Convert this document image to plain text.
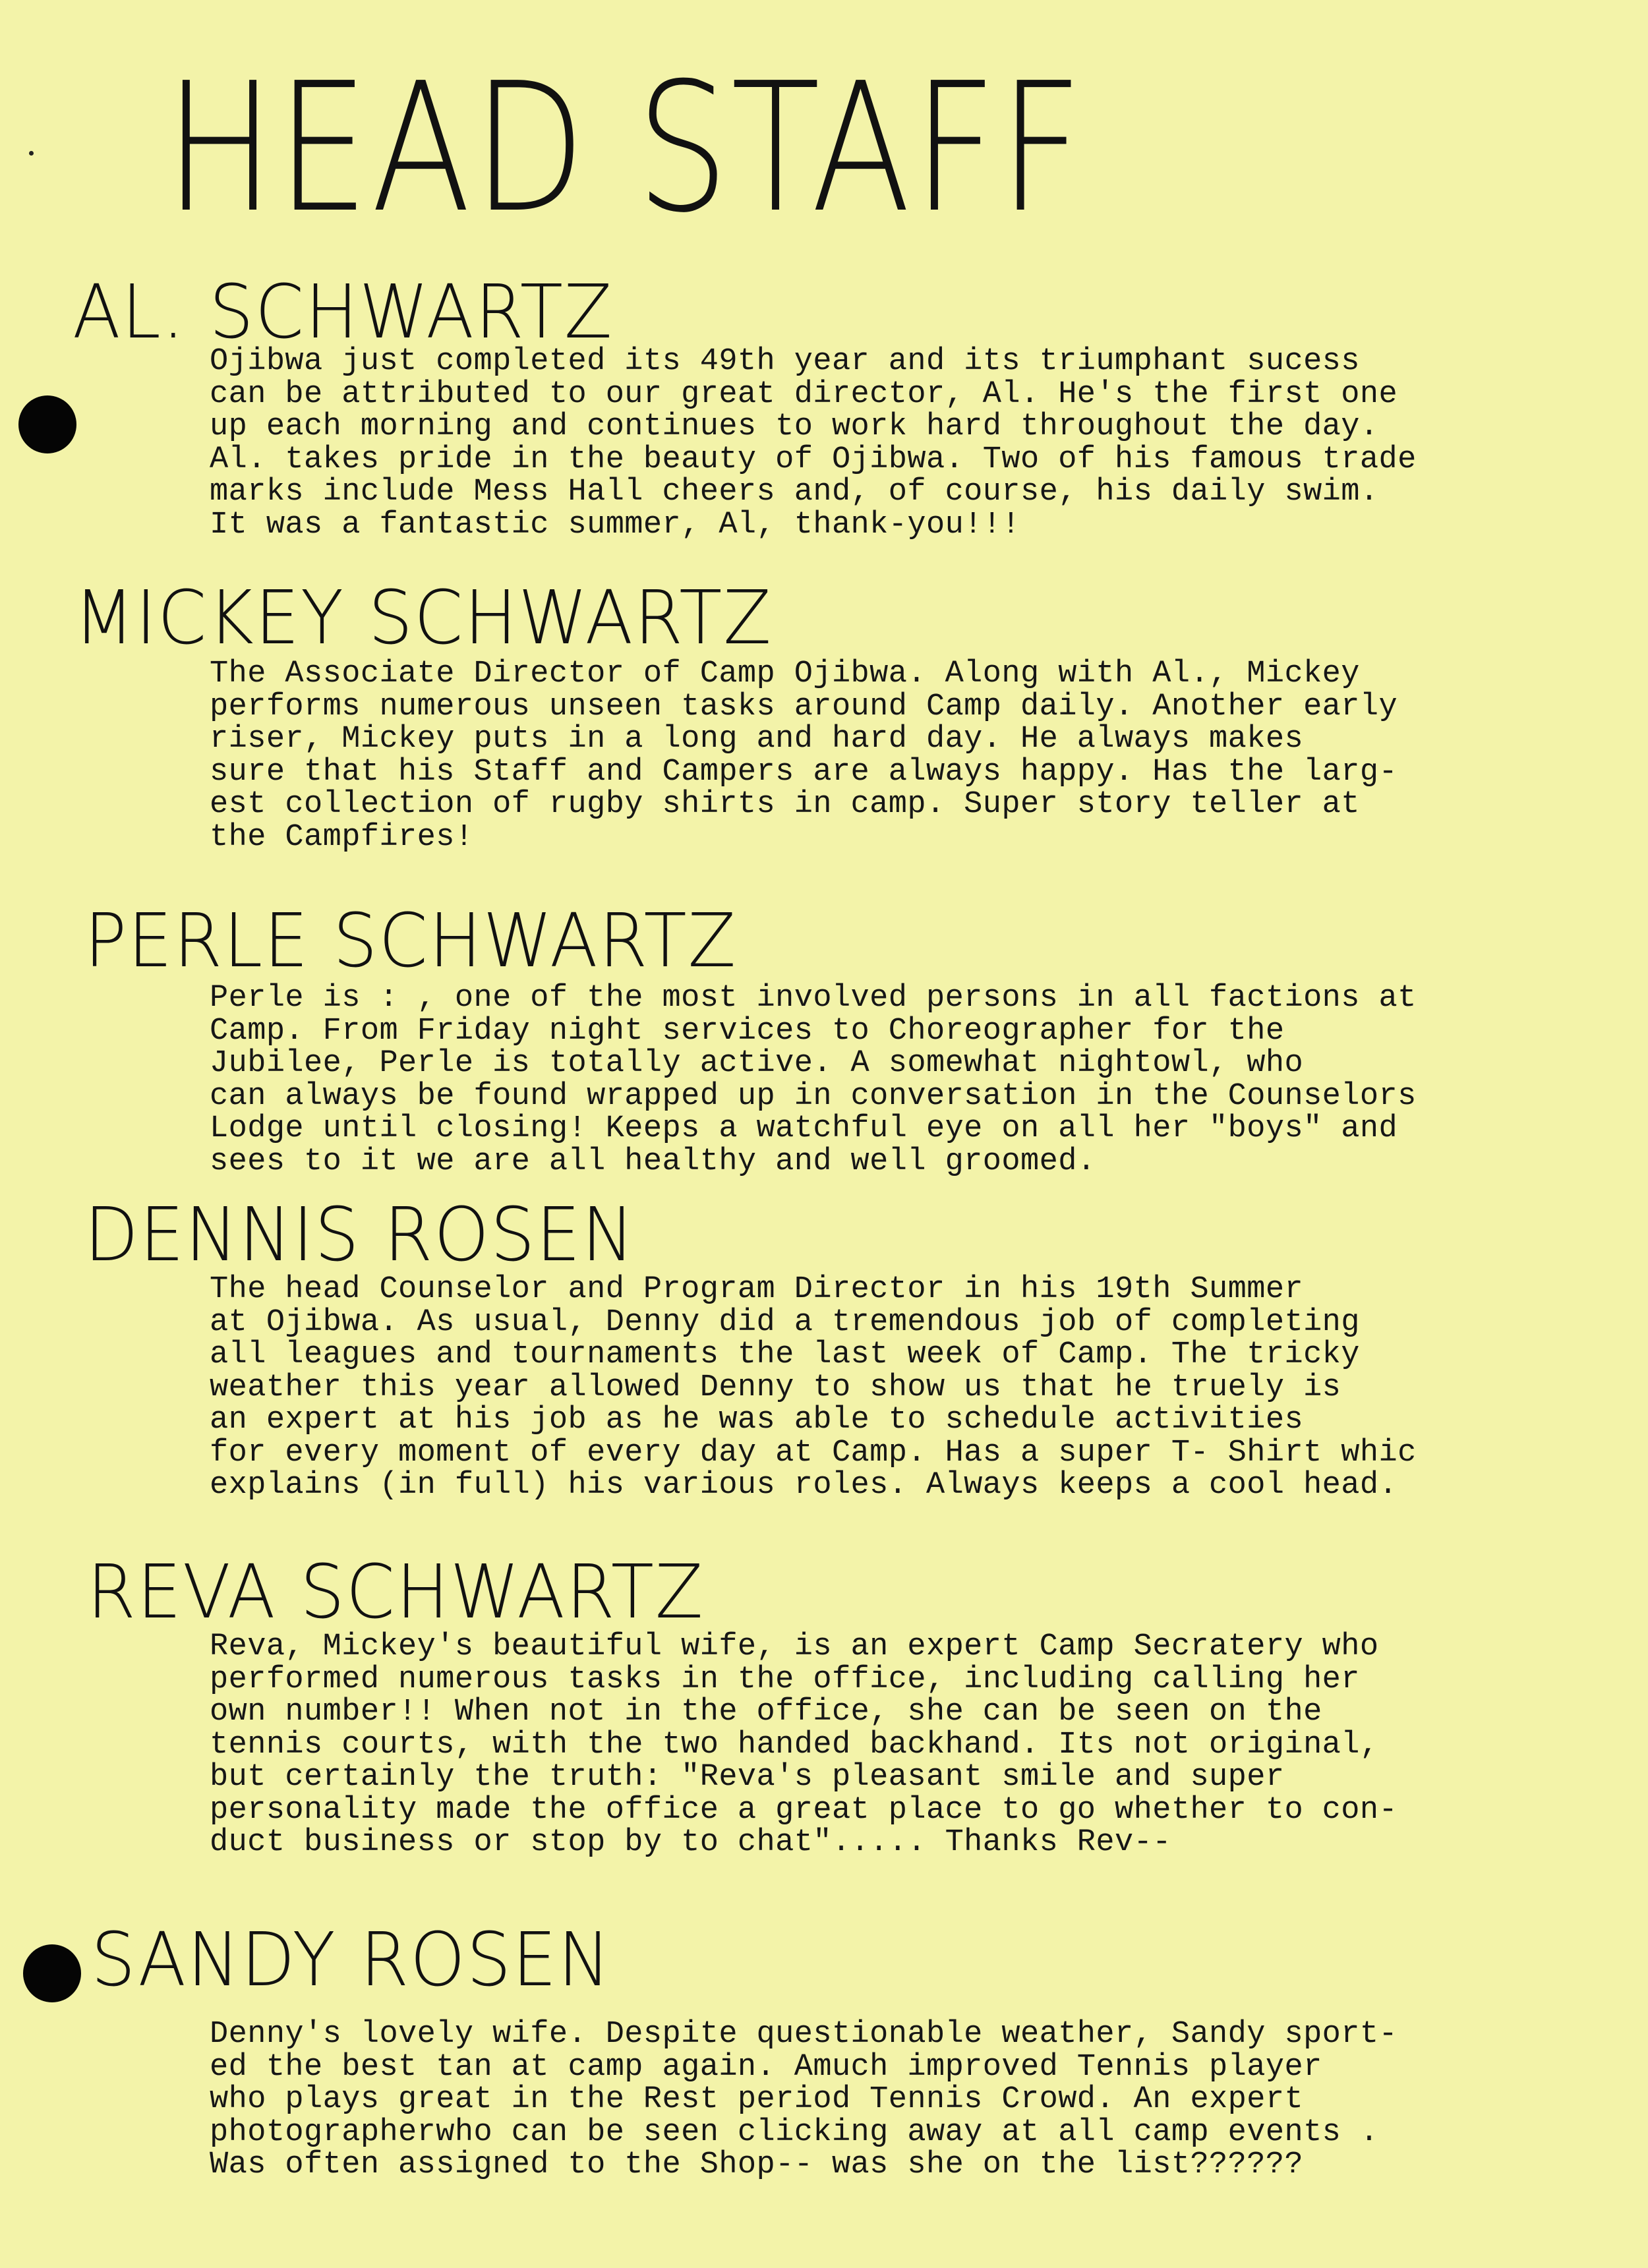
HEAD STAFF
AL. SCHWARTZ
Ojibwa just completed its 49th year and its triumphant sucess
can be attributed to our great director, Al. He's the first one
up each morning and continues to work hard throughout the day.
Al. takes pride in the beauty of Ojibwa. Two of his famous trade
marks include Mess Hall cheers and, of course, his daily swim.
It was a fantastic summer, Al, thank-you!!!
MICKEY SCHWARTZ
The Associate Director of Camp Ojibwa. Along with Al., Mickey
performs numerous unseen tasks around Camp daily. Another early
riser, Mickey puts in a long and hard day. He always makes
sure that his Staff and Campers are always happy. Has the larg-
est collection of rugby shirts in camp. Super story teller at
the Campfires!
PERLE SCHWARTZ
Perle is : , one of the most involved persons in all factions at
Camp. From Friday night services to Choreographer for the
Jubilee, Perle is totally active. A somewhat nightowl, who
can always be found wrapped up in conversation in the Counselors
Lodge until closing! Keeps a watchful eye on all her "boys" and
sees to it we are all healthy and well groomed.
DENNIS ROSEN
The head Counselor and Program Director in his 19th Summer
at Ojibwa. As usual, Denny did a tremendous job of completing
all leagues and tournaments the last week of Camp. The tricky
weather this year allowed Denny to show us that he truely is
an expert at his job as he was able to schedule activities
for every moment of every day at Camp. Has a super T- Shirt whic
explains (in full) his various roles. Always keeps a cool head.
REVA SCHWARTZ
Reva, Mickey's beautiful wife, is an expert Camp Secratery who
performed numerous tasks in the office, including calling her
own number!! When not in the office, she can be seen on the
tennis courts, with the two handed backhand. Its not original,
but certainly the truth: "Reva's pleasant smile and super
personality made the office a great place to go whether to con-
duct business or stop by to chat"..... Thanks Rev--
SANDY ROSEN
Denny's lovely wife. Despite questionable weather, Sandy sport-
ed the best tan at camp again. Amuch improved Tennis player
who plays great in the Rest period Tennis Crowd. An expert
photographerwho can be seen clicking away at all camp events .
Was often assigned to the Shop-- was she on the list??????
